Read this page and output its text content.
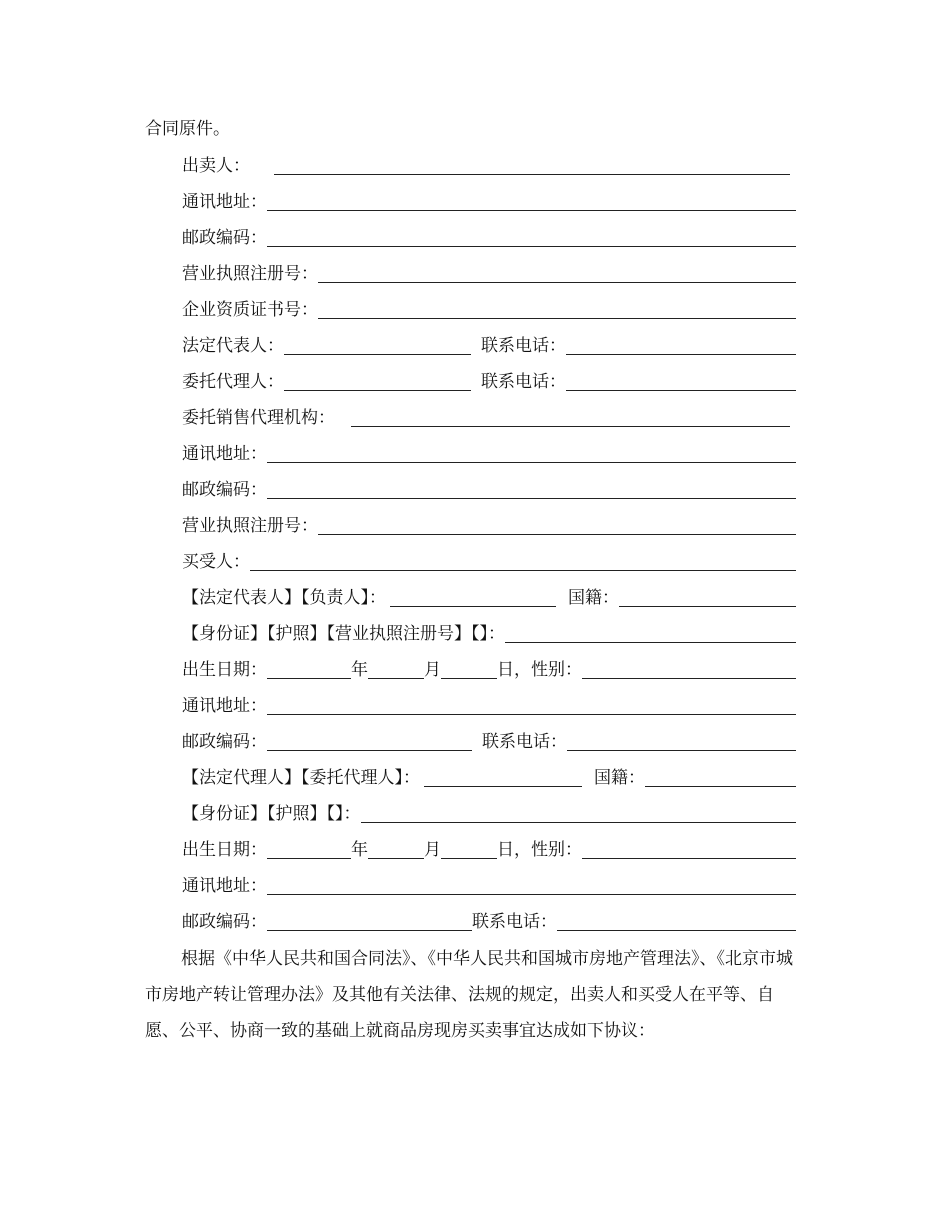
合同原件。
出卖人：
通讯地址：
邮政编码：
营业执照注册号：
企业资质证书号：
法定代表人：	联系电话：
委托代理人：	联系电话：
委托销售代理机构：
通讯地址：
邮政编码：
营业执照注册号：
买受人：
【法定代表人】【负责人】：	国籍：
【身份证】【护照】【营业执照注册号】【】：
出生日期：	年	月	日，性别：
通讯地址：
邮政编码：	联系电话：
【法定代理人】【委托代理人】：	国籍：
【身份证】【护照】【】：
出生日期：	年	月	日，性别：
通讯地址：
邮政编码：	联系电话：

根据《中华人民共和国合同法》、《中华人民共和国城市房地产管理法》、《北京市城市房地产转让管理办法》及其他有关法律、法规的规定，出卖人和买受人在平等、自愿、公平、协商一致的基础上就商品房现房买卖事宜达成如下协议：
